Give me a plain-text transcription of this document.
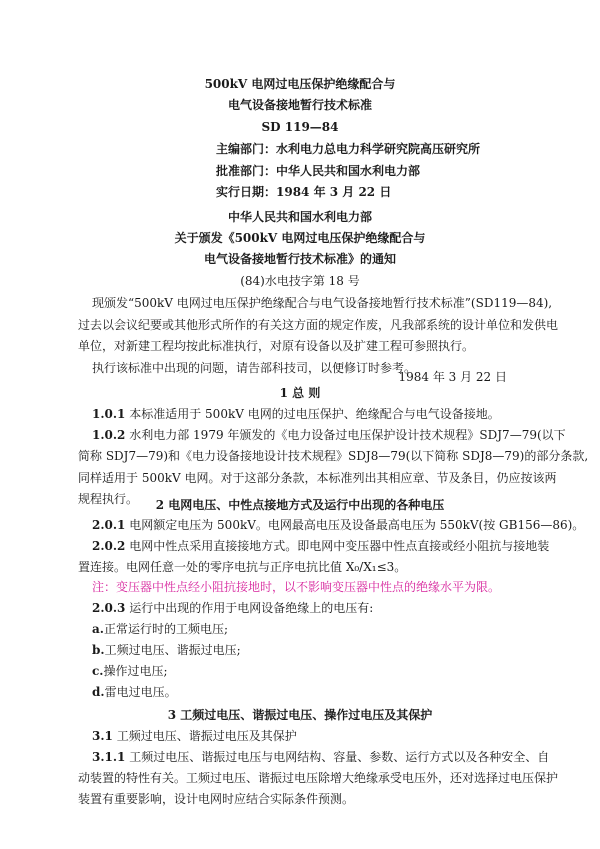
500kV 电网过电压保护绝缘配合与
电气设备接地暂行技术标准
SD 119—84
主编部门：水利电力总电力科学研究院高压研究所
批准部门：中华人民共和国水利电力部
实行日期：1984 年 3 月 22 日
中华人民共和国水利电力部
关于颁发《500kV 电网过电压保护绝缘配合与
电气设备接地暂行技术标准》的通知
(84)水电技字第 18 号
现颁发“500kV 电网过电压保护绝缘配合与电气设备接地暂行技术标准”(SD119—84),
过去以会议纪要或其他形式所作的有关这方面的规定作废，凡我部系统的设计单位和发供电
单位，对新建工程均按此标准执行，对原有设备以及扩建工程可参照执行。
执行该标准中出现的问题，请告部科技司，以便修订时参考。
1984 年 3 月 22 日
1 总 则
1.0.1 本标准适用于 500kV 电网的过电压保护、绝缘配合与电气设备接地。
1.0.2 水利电力部 1979 年颁发的《电力设备过电压保护设计技术规程》SDJ7—79(以下
简称 SDJ7—79)和《电力设备接地设计技术规程》SDJ8—79(以下简称 SDJ8—79)的部分条款,
同样适用于 500kV 电网。对于这部分条款，本标准列出其相应章、节及条目，仍应按该两
规程执行。	2 电网电压、中性点接地方式及运行中出现的各种电压
2.0.1 电网额定电压为 500kV。电网最高电压及设备最高电压为 550kV(按 GB156—86)。
2.0.2 电网中性点采用直接接地方式。即电网中变压器中性点直接或经小阻抗与接地装
置连接。电网任意一处的零序电抗与正序电抗比值 X₀/X₁≤3。
注：变压器中性点经小阻抗接地时，以不影响变压器中性点的绝缘水平为限。
2.0.3 运行中出现的作用于电网设备绝缘上的电压有:
a.正常运行时的工频电压;
b.工频过电压、谐振过电压;
c.操作过电压;
d.雷电过电压。
3 工频过电压、谐振过电压、操作过电压及其保护
3.1 工频过电压、谐振过电压及其保护
3.1.1 工频过电压、谐振过电压与电网结构、容量、参数、运行方式以及各种安全、自
动装置的特性有关。工频过电压、谐振过电压除增大绝缘承受电压外，还对选择过电压保护
装置有重要影响，设计电网时应结合实际条件预测。
